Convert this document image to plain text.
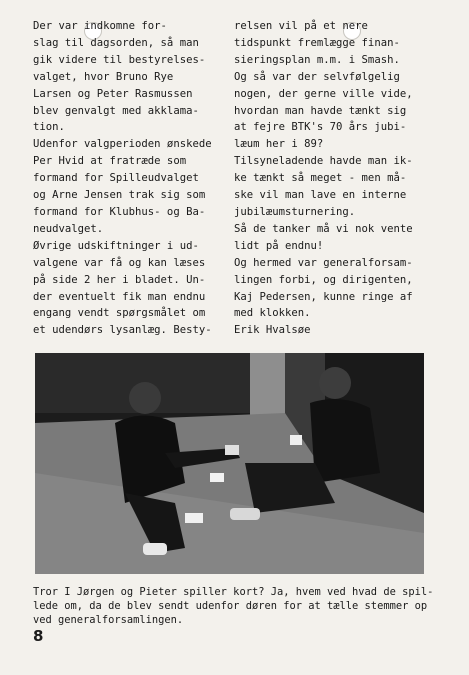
Der var indkomne for-
slag til dagsorden, så man
gik videre til bestyrelses-
valget, hvor Bruno Rye
Larsen og Peter Rasmussen
blev genvalgt med akklama-
tion.
Udenfor valgperioden ønskede
Per Hvid at fratræde som
formand for Spilleudvalget
og Arne Jensen trak sig som
formand for Klubhus- og Ba-
neudvalget.
Øvrige udskiftninger i ud-
valgene var få og kan læses
på side 2 her i bladet. Un-
der eventuelt fik man endnu
engang vendt spørgsmålet om
et udendørs lysanlæg. Besty-
relsen vil på et nere
tidspunkt fremlægge finan-
sieringsplan m.m. i Smash.
Og så var der selvfølgelig
nogen, der gerne ville vide,
hvordan man havde tænkt sig
at fejre BTK's 70 års jubi-
læum her i 89?
Tilsyneladende havde man ik-
ke tænkt så meget - men må-
ske vil man lave en interne
jubilæumsturnering.
Så de tanker må vi nok vente
lidt på endnu!
Og hermed var generalforsam-
lingen forbi, og dirigenten,
Kaj Pedersen, kunne ringe af
med klokken.
Erik Hvalsøe
Tror I Jørgen og Pieter spiller kort? Ja, hvem ved hvad de spil-
lede om, da de blev sendt udenfor døren for at tælle stemmer op
ved generalforsamlingen.
8
